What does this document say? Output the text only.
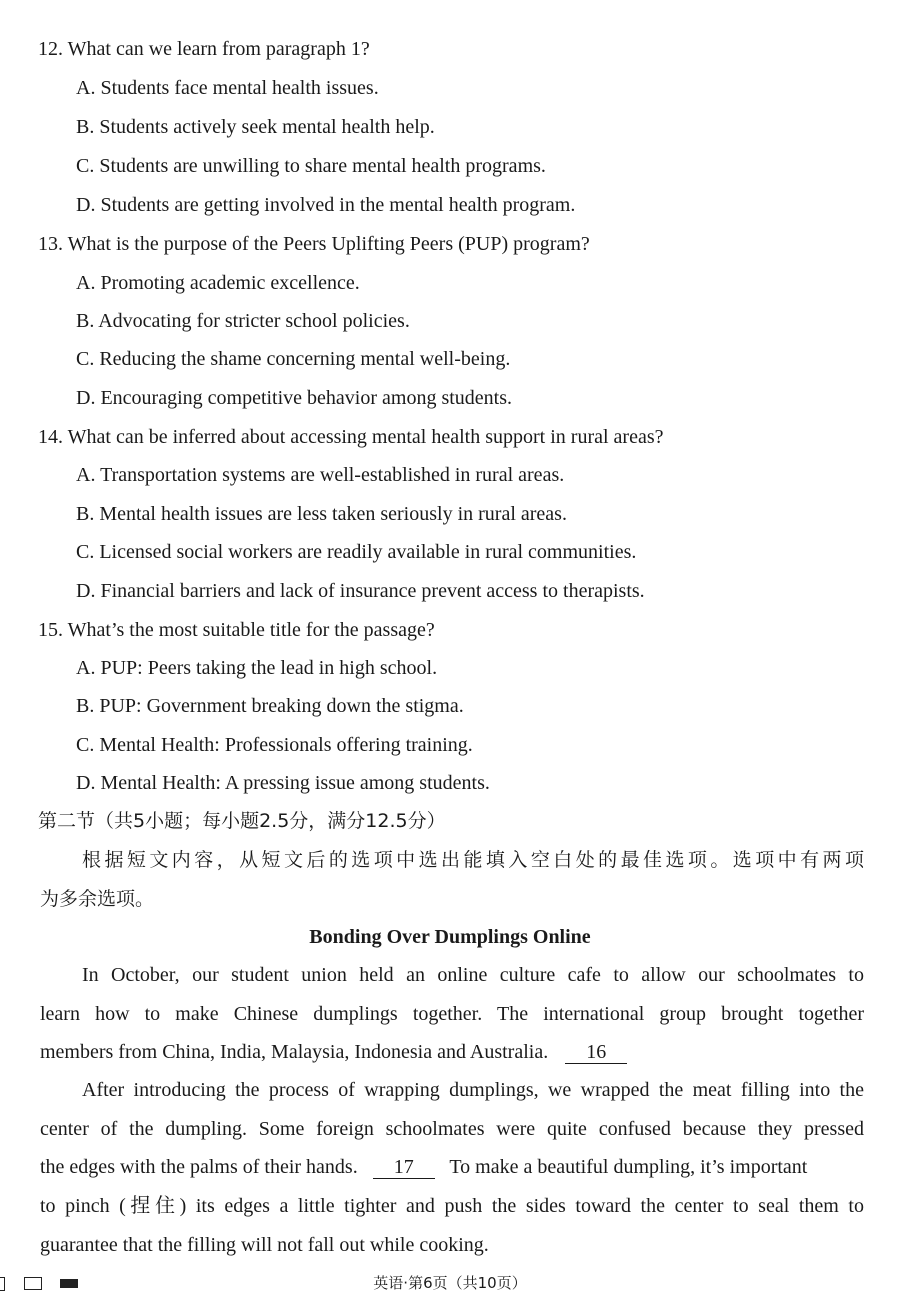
12. What can we learn from paragraph 1?
A. Students face mental health issues.
B. Students actively seek mental health help.
C. Students are unwilling to share mental health programs.
D. Students are getting involved in the mental health program.
13. What is the purpose of the Peers Uplifting Peers (PUP) program?
A. Promoting academic excellence.
B. Advocating for stricter school policies.
C. Reducing the shame concerning mental well-being.
D. Encouraging competitive behavior among students.
14. What can be inferred about accessing mental health support in rural areas?
A. Transportation systems are well-established in rural areas.
B. Mental health issues are less taken seriously in rural areas.
C. Licensed social workers are readily available in rural communities.
D. Financial barriers and lack of insurance prevent access to therapists.
15. What’s the most suitable title for the passage?
A. PUP: Peers taking the lead in high school.
B. PUP: Government breaking down the stigma.
C. Mental Health: Professionals offering training.
D. Mental Health: A pressing issue among students.
第二节（共5小题；每小题2.5分，满分12.5分）
根据短文内容，从短文后的选项中选出能填入空白处的最佳选项。选项中有两项
为多余选项。
Bonding Over Dumplings Online
In October, our student union held an online culture cafe to allow our schoolmates to
learn how to make Chinese dumplings together. The international group brought together
members from China, India, Malaysia, Indonesia and Australia. 16
After introducing the process of wrapping dumplings, we wrapped the meat filling into the
center of the dumpling. Some foreign schoolmates were quite confused because they pressed
the edges with the palms of their hands. 17 To make a beautiful dumpling, it’s important
to pinch (捏住) its edges a little tighter and push the sides toward the center to seal them to
guarantee that the filling will not fall out while cooking.
英语·第6页（共10页）
